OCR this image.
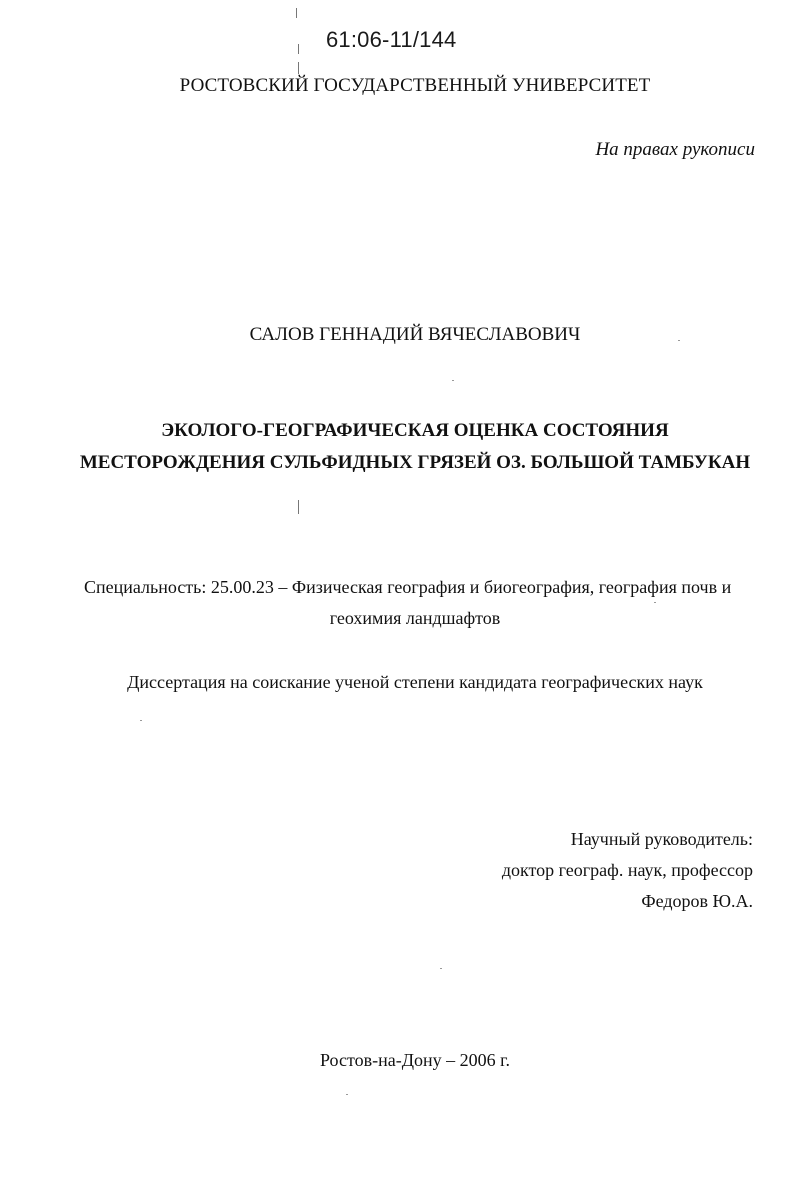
61:06-11/144
РОСТОВСКИЙ ГОСУДАРСТВЕННЫЙ УНИВЕРСИТЕТ
На правах рукописи
САЛОВ ГЕННАДИЙ ВЯЧЕСЛАВОВИЧ
ЭКОЛОГО-ГЕОГРАФИЧЕСКАЯ ОЦЕНКА СОСТОЯНИЯ
МЕСТОРОЖДЕНИЯ СУЛЬФИДНЫХ ГРЯЗЕЙ ОЗ. БОЛЬШОЙ ТАМБУКАН
Специальность: 25.00.23 – Физическая география и биогеография, география почв и
геохимия ландшафтов
Диссертация на соискание ученой степени кандидата географических наук
Научный руководитель:
доктор географ. наук, профессор
Федоров Ю.А.
Ростов-на-Дону – 2006 г.
